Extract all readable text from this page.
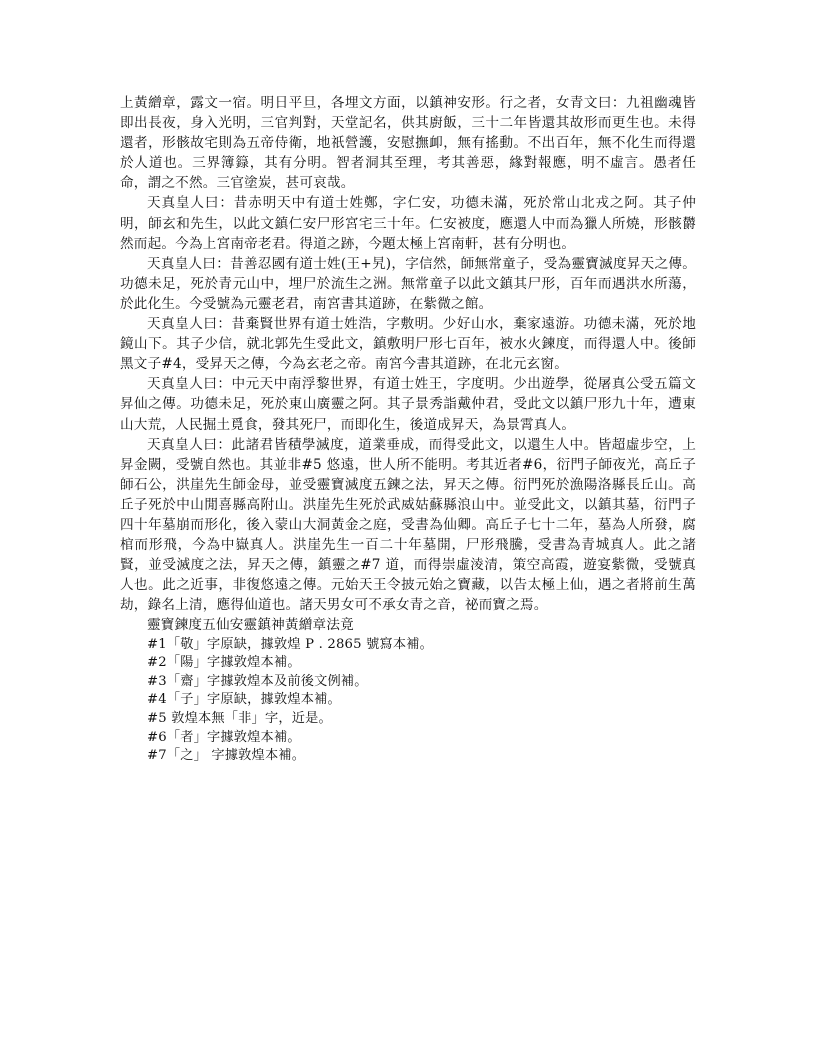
上黃繒章，露文一宿。明日平旦，各埋文方面，以鎮神安形。行之者，女青文曰：九祖幽魂皆即出長夜，身入光明，三官判對，天堂記名，供其廚飯，三十二年皆還其故形而更生也。未得還者，形骸故宅則為五帝侍衛，地祇營護，安慰撫卹，無有搖動。不出百年，無不化生而得還於人道也。三界簿籙，其有分明。智者洞其至理，考其善惡，緣對報應，明不虛言。愚者任命，謂之不然。三官塗炭，甚可哀哉。

天真皇人曰：昔赤明天中有道士姓鄭，字仁安，功德未滿，死於常山北戎之阿。其子仲明，師玄和先生，以此文鎮仁安尸形宮宅三十年。仁安被度，應還人中而為獵人所燒，形骸欝然而起。今為上宮南帝老君。得道之跡，今題太極上宮南軒，甚有分明也。

天真皇人曰：昔善忍國有道士姓(王+旯)，字信然，師無常童子，受為靈寶滅度昇天之傳。功德未足，死於青元山中，埋尸於流生之洲。無常童子以此文鎮其尸形，百年而遇洪水所蕩，於此化生。今受號為元靈老君，南宮書其道跡，在紫微之館。

天真皇人曰：昔棄賢世界有道士姓浩，字敷明。少好山水，棄家遠游。功德未滿，死於地鏡山下。其子少信，就北郭先生受此文，鎮敷明尸形七百年，被水火鍊度，而得還人中。後師黑文子#4，受昇天之傳，今為玄老之帝。南宮今書其道跡，在北元玄窗。

天真皇人曰：中元天中南浮黎世界，有道士姓王，字度明。少出遊學，從屠真公受五篇文昇仙之傳。功德未足，死於東山廣靈之阿。其子景秀詣戴仲君，受此文以鎮尸形九十年，遭東山大荒，人民掘土覓食，發其死尸，而即化生，後道成昇天，為景霄真人。

天真皇人曰：此諸君皆積學滅度，道業垂成，而得受此文，以還生人中。皆超虛步空，上昇金闕，受號自然也。其並非#5 悠遠，世人所不能明。考其近者#6，衍門子師夜光，高丘子師石公，洪崖先生師金母，並受靈寶滅度五鍊之法，昇天之傳。衍門死於漁陽洛縣長丘山。高丘子死於中山閒喜縣高附山。洪崖先生死於武威姑蘇縣浪山中。並受此文，以鎮其墓，衍門子四十年墓崩而形化，後入蒙山大洞黃金之庭，受書為仙卿。高丘子七十二年，墓為人所發，腐棺而形飛，今為中嶽真人。洪崖先生一百二十年墓開，尸形飛騰，受書為青城真人。此之諸賢，並受滅度之法，昇天之傳，鎮靈之#7 道，而得崇虛淩清，策空高霞，遊宴紫微，受號真人也。此之近事，非復悠遠之傳。元始天王令披元始之寶藏，以告太極上仙，遇之者將前生萬劫，錄名上清，應得仙道也。諸天男女可不承女青之音，祕而寶之焉。

靈寶鍊度五仙安靈鎮神黃繒章法竟

#1「敬」字原缺，據敦煌 P . 2865 號寫本補。
#2「陽」字據敦煌本補。
#3「齋」字據敦煌本及前後文例補。
#4「子」字原缺，據敦煌本補。
#5 敦煌本無「非」字，近是。
#6「者」字據敦煌本補。
#7「之」 字據敦煌本補。
